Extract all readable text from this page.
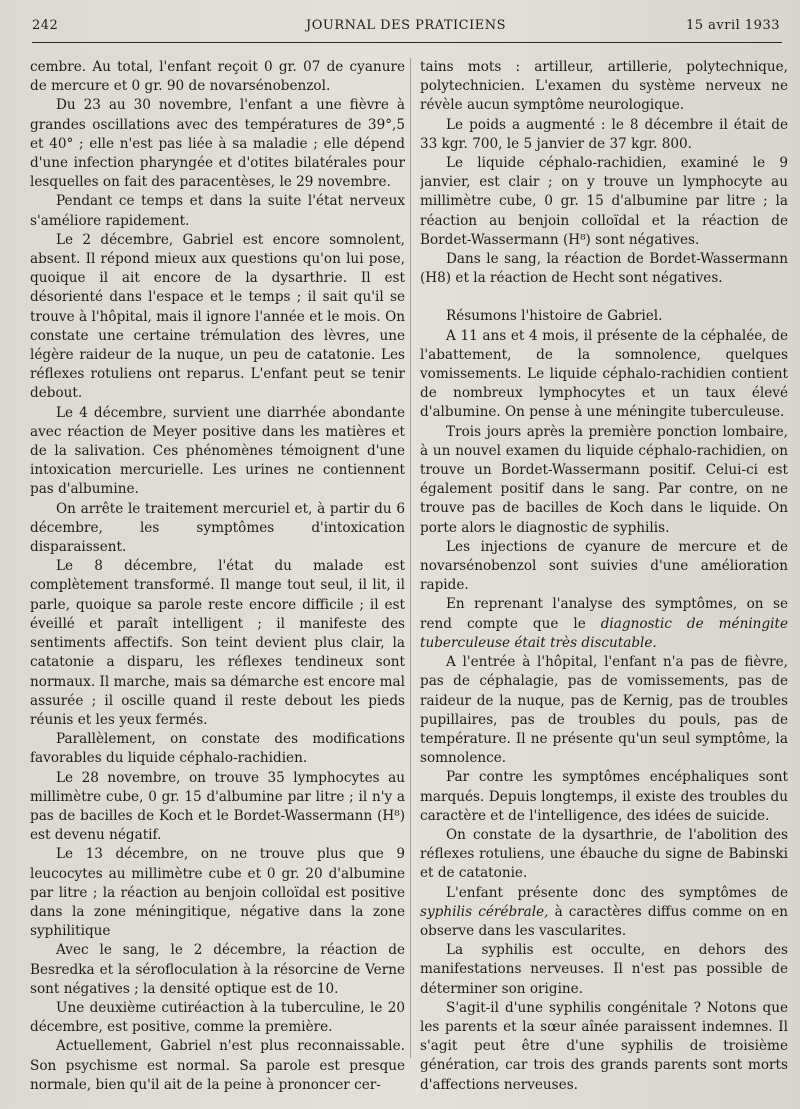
242	JOURNAL DES PRATICIENS	15 avril 1933

cembre. Au total, l'enfant reçoit 0 gr. 07 de cyanure de mercure et 0 gr. 90 de novarsénobenzol.

Du 23 au 30 novembre, l'enfant a une fièvre à grandes oscillations avec des températures de 39°,5 et 40° ; elle n'est pas liée à sa maladie ; elle dépend d'une infection pharyngée et d'otites bilatérales pour lesquelles on fait des paracentèses, le 29 novembre.

Pendant ce temps et dans la suite l'état nerveux s'améliore rapidement.

Le 2 décembre, Gabriel est encore somnolent, absent. Il répond mieux aux questions qu'on lui pose, quoique il ait encore de la dysarthrie. Il est désorienté dans l'espace et le temps ; il sait qu'il se trouve à l'hôpital, mais il ignore l'année et le mois. On constate une certaine trémulation des lèvres, une légère raideur de la nuque, un peu de catatonie. Les réflexes rotuliens ont reparus. L'enfant peut se tenir debout.

Le 4 décembre, survient une diarrhée abondante avec réaction de Meyer positive dans les matières et de la salivation. Ces phénomènes témoignent d'une intoxication mercurielle. Les urines ne contiennent pas d'albumine.

On arrête le traitement mercuriel et, à partir du 6 décembre, les symptômes d'intoxication disparaissent.

Le 8 décembre, l'état du malade est complètement transformé. Il mange tout seul, il lit, il parle, quoique sa parole reste encore difficile ; il est éveillé et paraît intelligent ; il manifeste des sentiments affectifs. Son teint devient plus clair, la catatonie a disparu, les réflexes tendineux sont normaux. Il marche, mais sa démarche est encore mal assurée ; il oscille quand il reste debout les pieds réunis et les yeux fermés.

Parallèlement, on constate des modifications favorables du liquide céphalo-rachidien.

Le 28 novembre, on trouve 35 lymphocytes au millimètre cube, 0 gr. 15 d'albumine par litre ; il n'y a pas de bacilles de Koch et le Bordet-Wassermann (H⁸) est devenu négatif.

Le 13 décembre, on ne trouve plus que 9 leucocytes au millimètre cube et 0 gr. 20 d'albumine par litre ; la réaction au benjoin colloïdal est positive dans la zone méningitique, négative dans la zone syphilitique

Avec le sang, le 2 décembre, la réaction de Besredka et la sérofloculation à la résorcine de Verne sont négatives ; la densité optique est de 10.

Une deuxième cutiréaction à la tuberculine, le 20 décembre, est positive, comme la première.

Actuellement, Gabriel n'est plus reconnaissable. Son psychisme est normal. Sa parole est presque normale, bien qu'il ait de la peine à prononcer cer-

tains mots : artilleur, artillerie, polytechnique, polytechnicien. L'examen du système nerveux ne révèle aucun symptôme neurologique.

Le poids a augmenté : le 8 décembre il était de 33 kgr. 700, le 5 janvier de 37 kgr. 800.

Le liquide céphalo-rachidien, examiné le 9 janvier, est clair ; on y trouve un lymphocyte au millimètre cube, 0 gr. 15 d'albumine par litre ; la réaction au benjoin colloïdal et la réaction de Bordet-Wassermann (H⁸) sont négatives.

Dans le sang, la réaction de Bordet-Wassermann (H8) et la réaction de Hecht sont négatives.

Résumons l'histoire de Gabriel.

A 11 ans et 4 mois, il présente de la céphalée, de l'abattement, de la somnolence, quelques vomissements. Le liquide céphalo-rachidien contient de nombreux lymphocytes et un taux élevé d'albumine. On pense à une méningite tuberculeuse.

Trois jours après la première ponction lombaire, à un nouvel examen du liquide céphalo-rachidien, on trouve un Bordet-Wassermann positif. Celui-ci est également positif dans le sang. Par contre, on ne trouve pas de bacilles de Koch dans le liquide. On porte alors le diagnostic de syphilis.

Les injections de cyanure de mercure et de novarsénobenzol sont suivies d'une amélioration rapide.

En reprenant l'analyse des symptômes, on se rend compte que le diagnostic de méningite tuberculeuse était très discutable.

A l'entrée à l'hôpital, l'enfant n'a pas de fièvre, pas de céphalagie, pas de vomissements, pas de raideur de la nuque, pas de Kernig, pas de troubles pupillaires, pas de troubles du pouls, pas de température. Il ne présente qu'un seul symptôme, la somnolence.

Par contre les symptômes encéphaliques sont marqués. Depuis longtemps, il existe des troubles du caractère et de l'intelligence, des idées de suicide.

On constate de la dysarthrie, de l'abolition des réflexes rotuliens, une ébauche du signe de Babinski et de catatonie.

L'enfant présente donc des symptômes de syphilis cérébrale, à caractères diffus comme on en observe dans les vascularites.

La syphilis est occulte, en dehors des manifestations nerveuses. Il n'est pas possible de déterminer son origine.

S'agit-il d'une syphilis congénitale ? Notons que les parents et la sœur aînée paraissent indemnes. Il s'agit peut être d'une syphilis de troisième génération, car trois des grands parents sont morts d'affections nerveuses.
